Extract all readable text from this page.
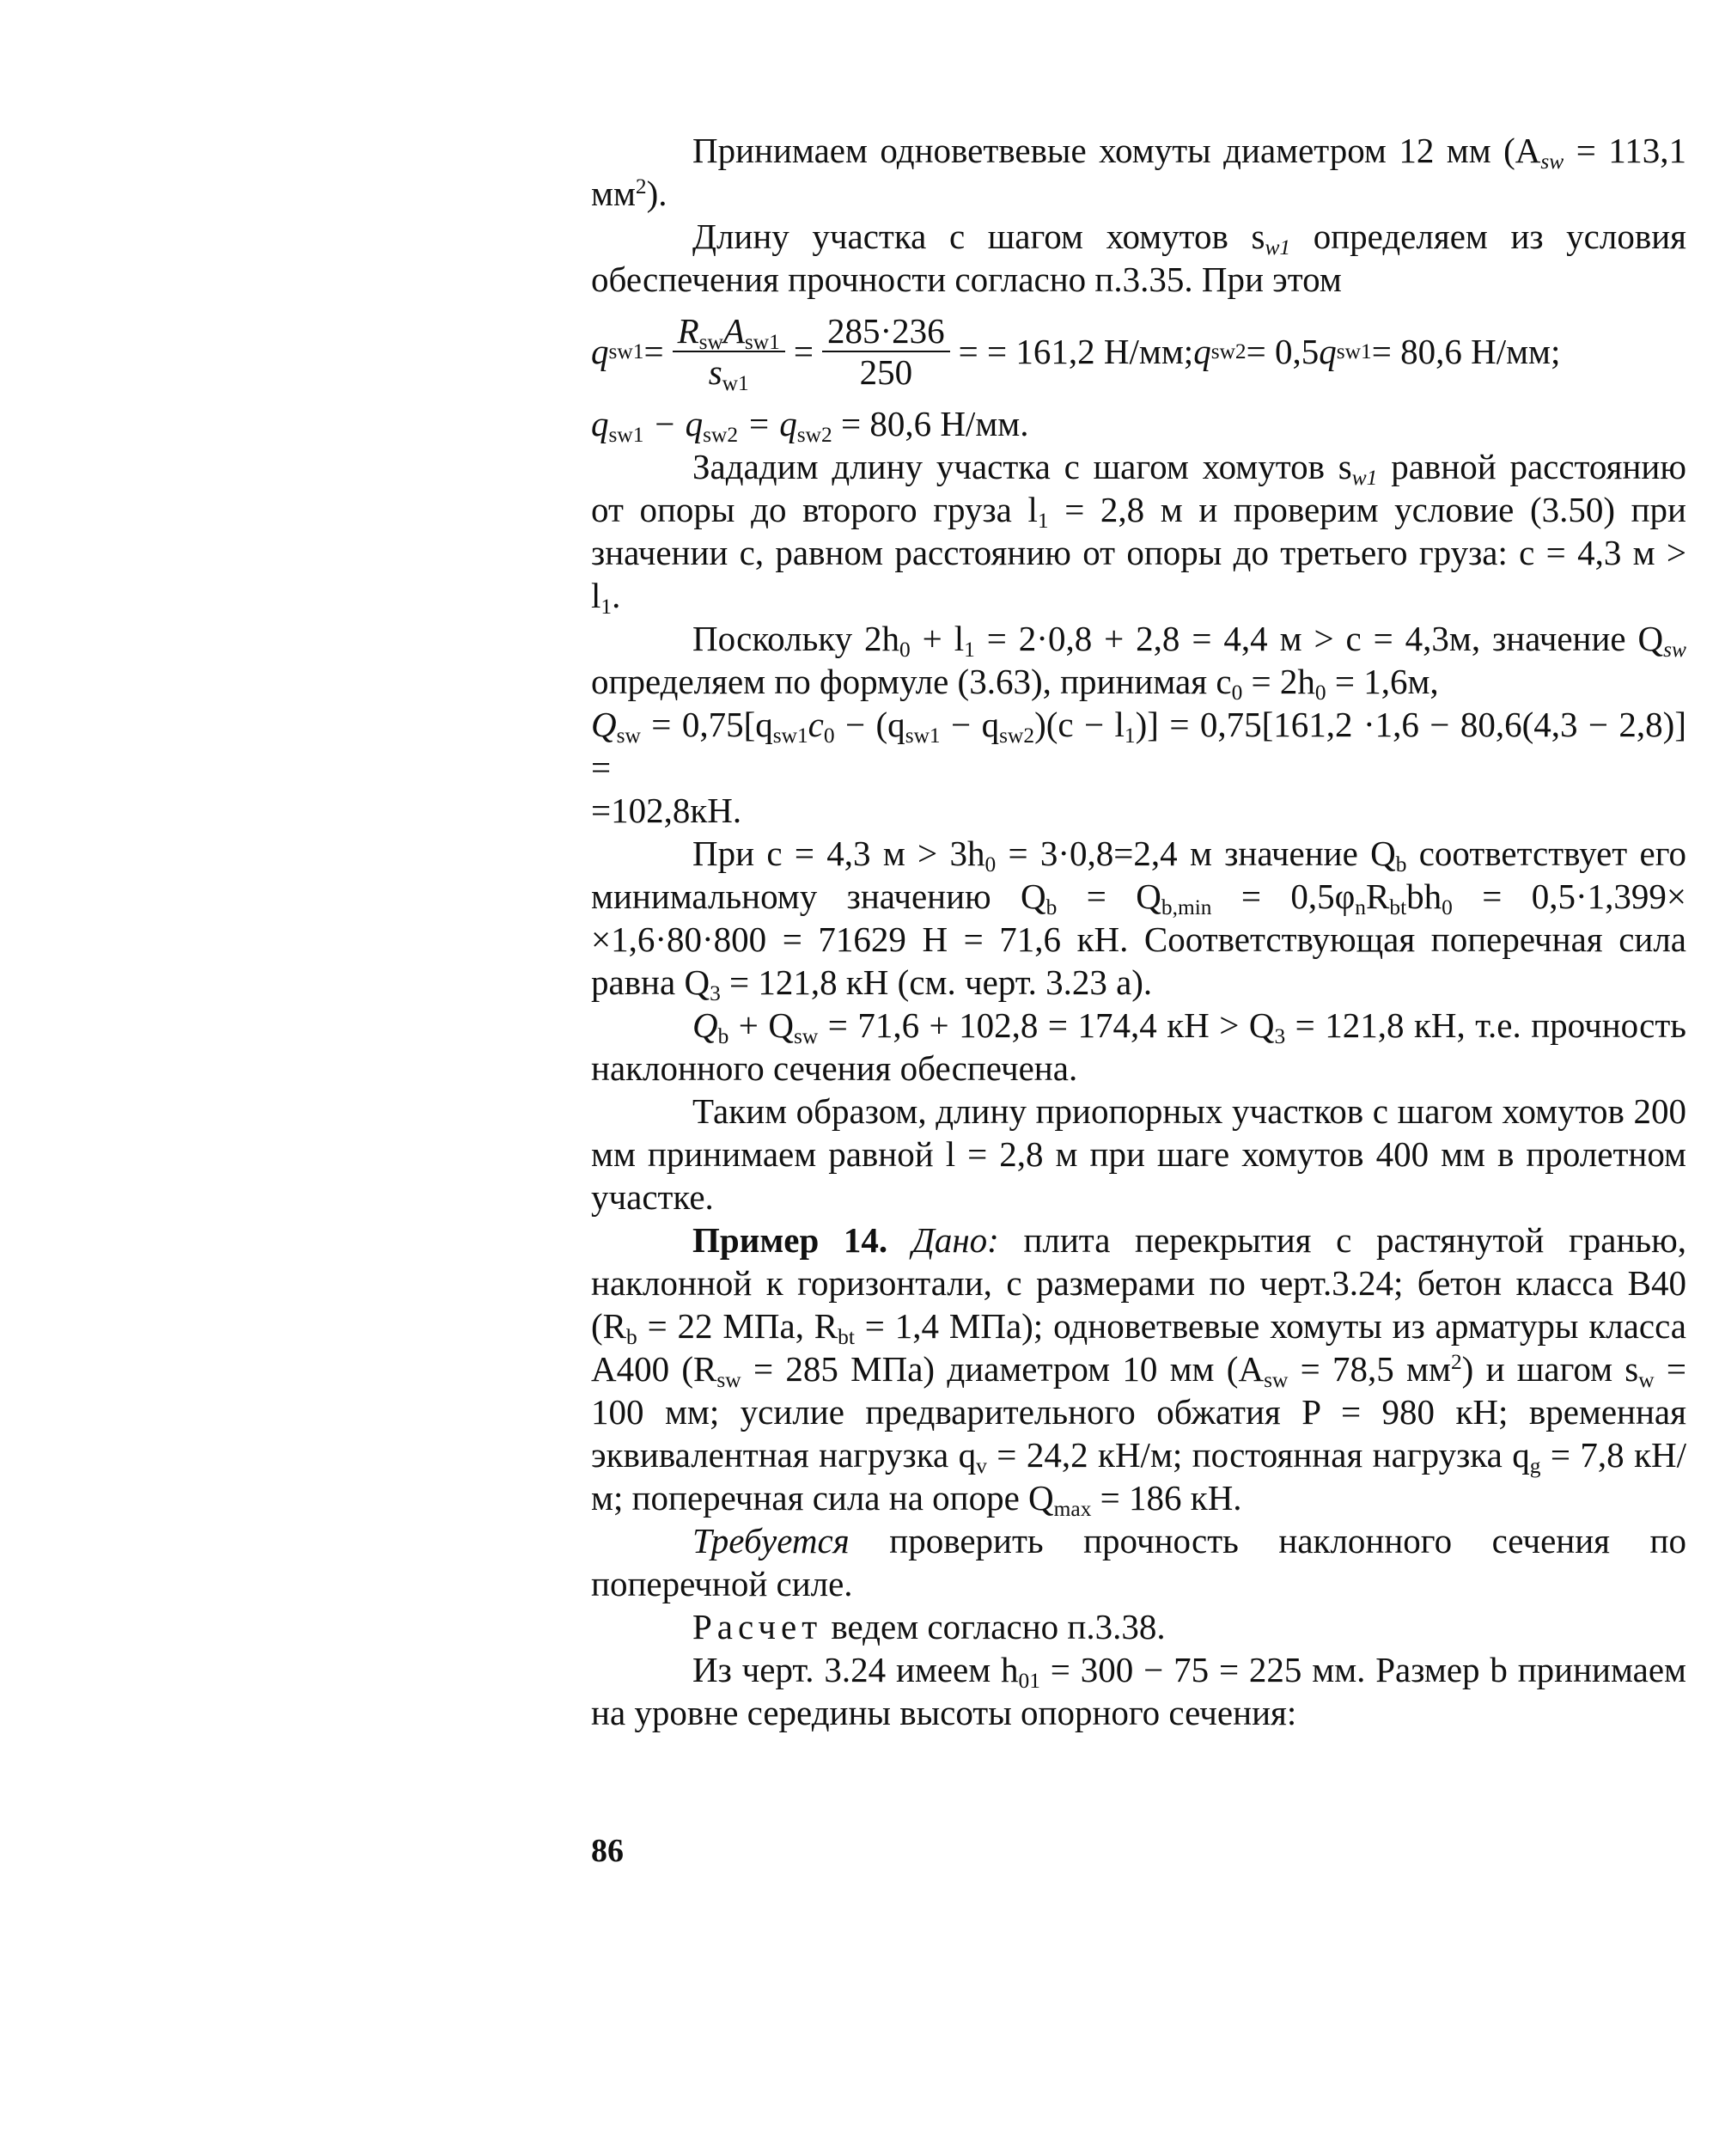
Принимаем одноветвевые хомуты диаметром 12 мм ($A_{sw} = 113,1$ $мм^2$).

Длину участка с шагом хомутов $s_{w1}$ определяем из условия обеспечения прочности согласно п.3.35. При этом

q $sw1 = \frac{R_{sw}A_{sw1}}{s_{w1}} = \frac{285\cdot 236}{250}$ = = 161,2 Н/мм; q sw2 = 0,5 q sw1 = 80,6 Н/мм;

$q_{sw1} - q_{sw2} = q_{sw2} = 80,6$ Н/мм.

Зададим длину участка с шагом хомутов $s_{w1}$ равной расстоянию от опоры до второго груза $l_1 = 2,8$ м и проверим условие (3.50) при значении c, равном расстоянию от опоры до третьего груза: c = 4,3 $м > l_1$.

Поскольку $2h_0 + l_1 = 2\cdot 0,8 + 2,8 = 4,4$ м > c = 4,3м, значение $Q_{sw}$ определяем по формуле (3.63), принимая $c_0 = 2h_0 = 1,6м$,

$Q_{sw} = 0,75[q_{sw1}c_0 - (q_{sw1} - q_{sw2})(c - l_1)] = 0,75[161,2 \cdot 1,6 - 80,6(4,3 - 2,8)]$ =

=102,8кН.

При c = 4,3 $м > 3h_0 = 3\cdot 0,8=2,4$ м значение $Q_b$ соответствует его минимальному значению $Q_b = Q_{b,min} = 0,5\varphi_nR_{bt}bh_0 = 0,5\cdot 1,399\times \times 1,6\cdot 80\cdot 800 = 71629$ Н = 71,6 кН. Соответствующая поперечная сила равна $Q_3 = 121,8$ кН (см. черт. 3.23 а).

$Q_b + Q_{sw} = 71,6 + 102,8 = 174,4$ кН > $Q_3 = 121,8$ кН, т.е. прочность наклонного сечения обеспечена.

Таким образом, длину приопорных участков с шагом хомутов 200 мм принимаем равной l = 2,8 м при шаге хомутов 400 мм в пролетном участке.

Пример 14. Дано: плита перекрытия с растянутой гранью, наклонной к горизонтали, с размерами по черт.3.24; бетон класса В40 ($R_b = 22$ МПа, $R_{bt} = 1,4$ МПа); одноветвевые хомуты из арматуры класса А400 ($R_{sw} = 285$ МПа) диаметром 10 мм ($A_{sw} = 78,5$ $мм^2$) и шагом $s_w = 100$ мм; усилие предварительного обжатия P = 980 кН; временная эквивалентная нагрузка $q_v = 24,2$ кН/м; постоянная нагрузка $q_g = 7,8$ кН/м; поперечная сила на опоре $Q_{max} = 186$ кН.

Требуется проверить прочность наклонного сечения по поперечной силе.

Расчет ведем согласно п.3.38.

Из черт. 3.24 имеем $h_{01} = 300 - 75 = 225$ мм. Размер b принимаем на уровне середины высоты опорного сечения:

86
